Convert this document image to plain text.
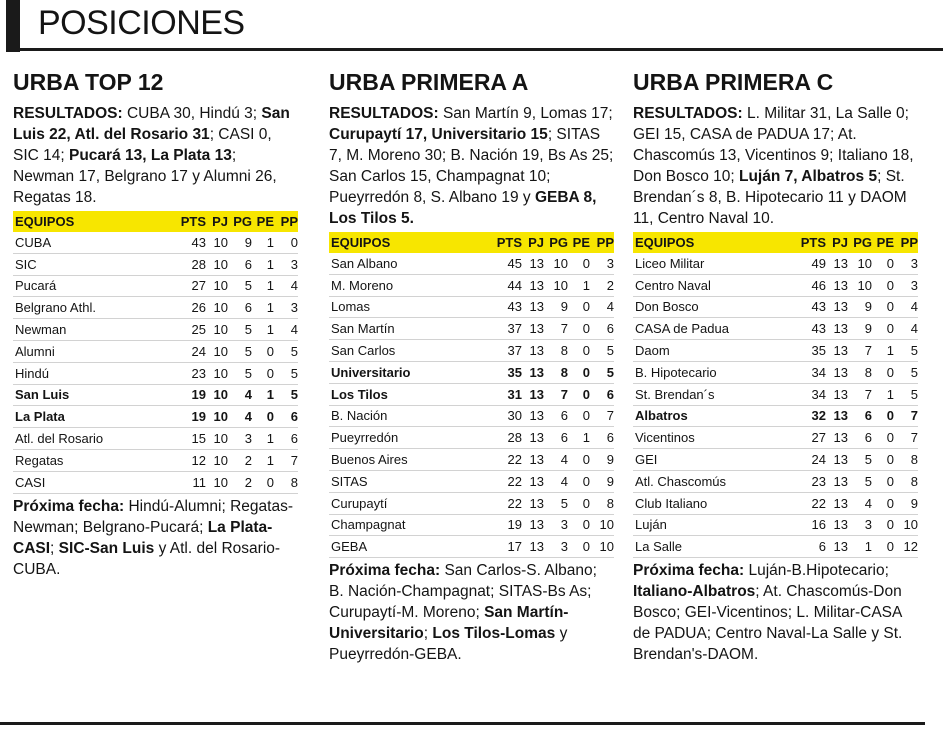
POSICIONES
URBA TOP 12

RESULTADOS: CUBA 30, Hindú 3; San Luis 22, Atl. del Rosario 31; CASI 0, SIC 14; Pucará 13, La Plata 13; Newman 17, Belgrano 17 y Alumni 26, Regatas 18.

EQUIPOS	PTS	PJ	PG	PE	PP
CUBA	43	10	9	1	0
SIC	28	10	6	1	3
Pucará	27	10	5	1	4
Belgrano Athl.	26	10	6	1	3
Newman	25	10	5	1	4
Alumni	24	10	5	0	5
Hindú	23	10	5	0	5
San Luis	19	10	4	1	5
La Plata	19	10	4	0	6
Atl. del Rosario	15	10	3	1	6
Regatas	12	10	2	1	7
CASI	11	10	2	0	8

Próxima fecha: Hindú-Alumni; Regatas-Newman; Belgrano-Pucará; La Plata-CASI; SIC-San Luis y Atl. del Rosario-CUBA.

URBA PRIMERA A

RESULTADOS: San Martín 9, Lomas 17; Curupaytí 17, Universitario 15; SITAS 7, M. Moreno 30; B. Nación 19, Bs As 25; San Carlos 15, Champagnat 10; Pueyrredón 8, S. Albano 19 y GEBA 8, Los Tilos 5.

EQUIPOS	PTS	PJ	PG	PE	PP
San Albano	45	13	10	0	3
M. Moreno	44	13	10	1	2
Lomas	43	13	9	0	4
San Martín	37	13	7	0	6
San Carlos	37	13	8	0	5
Universitario	35	13	8	0	5
Los Tilos	31	13	7	0	6
B. Nación	30	13	6	0	7
Pueyrredón	28	13	6	1	6
Buenos Aires	22	13	4	0	9
SITAS	22	13	4	0	9
Curupaytí	22	13	5	0	8
Champagnat	19	13	3	0	10
GEBA	17	13	3	0	10

Próxima fecha: San Carlos-S. Albano; B. Nación-Champagnat; SITAS-Bs As; Curupaytí-M. Moreno; San Martín-Universitario; Los Tilos-Lomas y Pueyrredón-GEBA.

URBA PRIMERA C

RESULTADOS: L. Militar 31, La Salle 0; GEI 15, CASA de PADUA 17; At. Chascomús 13, Vicentinos 9; Italiano 18, Don Bosco 10; Luján 7, Albatros 5; St. Brendan´s 8, B. Hipotecario 11 y DAOM 11, Centro Naval 10.

EQUIPOS	PTS	PJ	PG	PE	PP
Liceo Militar	49	13	10	0	3
Centro Naval	46	13	10	0	3
Don Bosco	43	13	9	0	4
CASA de Padua	43	13	9	0	4
Daom	35	13	7	1	5
B. Hipotecario	34	13	8	0	5
St. Brendan´s	34	13	7	1	5
Albatros	32	13	6	0	7
Vicentinos	27	13	6	0	7
GEI	24	13	5	0	8
Atl. Chascomús	23	13	5	0	8
Club Italiano	22	13	4	0	9
Luján	16	13	3	0	10
La Salle	6	13	1	0	12

Próxima fecha: Luján-B.Hipotecario; Italiano-Albatros; At. Chascomús-Don Bosco; GEI-Vicentinos; L. Militar-CASA de PADUA; Centro Naval-La Salle y St. Brendan's-DAOM.
